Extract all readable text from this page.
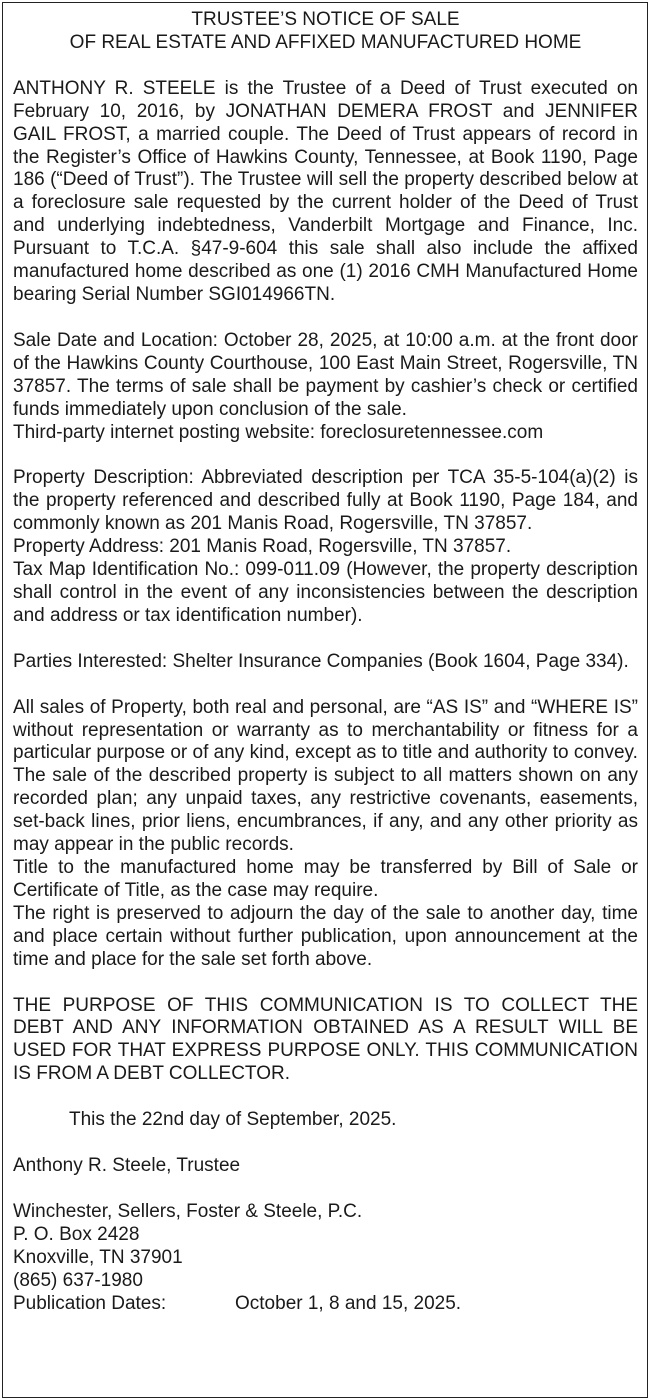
TRUSTEE’S NOTICE OF SALE
OF REAL ESTATE AND AFFIXED MANUFACTURED HOME

ANTHONY R. STEELE is the Trustee of a Deed of Trust executed on February 10, 2016, by JONATHAN DEMERA FROST and JENNIFER GAIL FROST, a married couple. The Deed of Trust appears of record in the Register’s Office of Hawkins County, Tennessee, at Book 1190, Page 186 (“Deed of Trust”). The Trustee will sell the property described below at a foreclosure sale requested by the current holder of the Deed of Trust and underlying indebtedness, Vanderbilt Mortgage and Finance, Inc. Pursuant to T.C.A. §47-9-604 this sale shall also include the affixed manufactured home described as one (1) 2016 CMH Manufactured Home bearing Serial Number SGI014966TN.

Sale Date and Location: October 28, 2025, at 10:00 a.m. at the front door of the Hawkins County Courthouse, 100 East Main Street, Rogersville, TN 37857. The terms of sale shall be payment by cashier’s check or certified funds immediately upon conclusion of the sale.

Third-party internet posting website: foreclosuretennessee.com

Property Description: Abbreviated description per TCA 35-5-104(a)(2) is the property referenced and described fully at Book 1190, Page 184, and commonly known as 201 Manis Road, Rogersville, TN 37857.

Property Address: 201 Manis Road, Rogersville, TN 37857.

Tax Map Identification No.: 099-011.09 (However, the property description shall control in the event of any inconsistencies between the description and address or tax identification number).

Parties Interested: Shelter Insurance Companies (Book 1604, Page 334).

All sales of Property, both real and personal, are “AS IS” and “WHERE IS” without representation or warranty as to merchantability or fitness for a particular purpose or of any kind, except as to title and authority to convey.

The sale of the described property is subject to all matters shown on any recorded plan; any unpaid taxes, any restrictive covenants, easements, set-back lines, prior liens, encumbrances, if any, and any other priority as may appear in the public records.

Title to the manufactured home may be transferred by Bill of Sale or Certificate of Title, as the case may require.

The right is preserved to adjourn the day of the sale to another day, time and place certain without further publication, upon announcement at the time and place for the sale set forth above.

THE PURPOSE OF THIS COMMUNICATION IS TO COLLECT THE DEBT AND ANY INFORMATION OBTAINED AS A RESULT WILL BE USED FOR THAT EXPRESS PURPOSE ONLY. THIS COMMUNICATION IS FROM A DEBT COLLECTOR.

This the 22nd day of September, 2025.

Anthony R. Steele, Trustee

Winchester, Sellers, Foster & Steele, P.C.

P. O. Box 2428

Knoxville, TN 37901

(865) 637-1980

Publication Dates:	October 1, 8 and 15, 2025.
